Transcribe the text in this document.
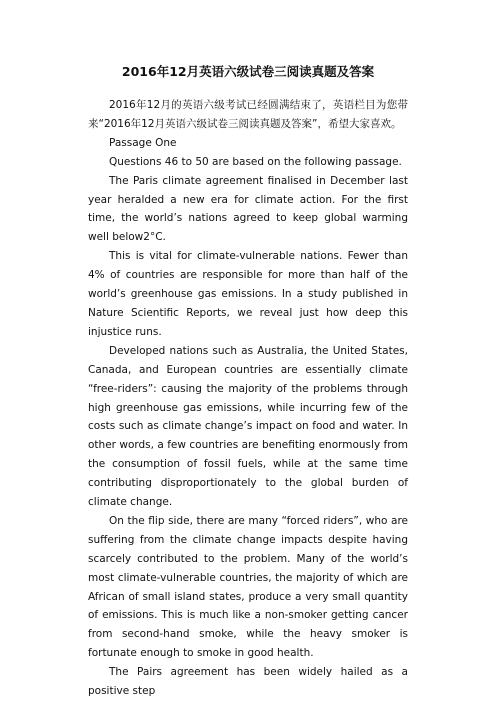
2016年12月英语六级试卷三阅读真题及答案

2016年12月的英语六级考试已经圆满结束了，英语栏目为您带来“2016年12月英语六级试卷三阅读真题及答案”，希望大家喜欢。

Passage One

Questions 46 to 50 are based on the following passage.

The Paris climate agreement finalised in December last year heralded a new era for climate action. For the first time, the world’s nations agreed to keep global warming well below2°C.

This is vital for climate-vulnerable nations. Fewer than 4% of countries are responsible for more than half of the world’s greenhouse gas emissions. In a study published in Nature Scientific Reports, we reveal just how deep this injustice runs.

Developed nations such as Australia, the United States, Canada, and European countries are essentially climate “free-riders”: causing the majority of the problems through high greenhouse gas emissions, while incurring few of the costs such as climate change’s impact on food and water. In other words, a few countries are benefiting enormously from the consumption of fossil fuels, while at the same time contributing disproportionately to the global burden of climate change.

On the flip side, there are many “forced riders”, who are suffering from the climate change impacts despite having scarcely contributed to the problem. Many of the world’s most climate-vulnerable countries, the majority of which are African of small island states, produce a very small quantity of emissions. This is much like a non-smoker getting cancer from second-hand smoke, while the heavy smoker is fortunate enough to smoke in good health.

The Pairs agreement has been widely hailed as a positive step
